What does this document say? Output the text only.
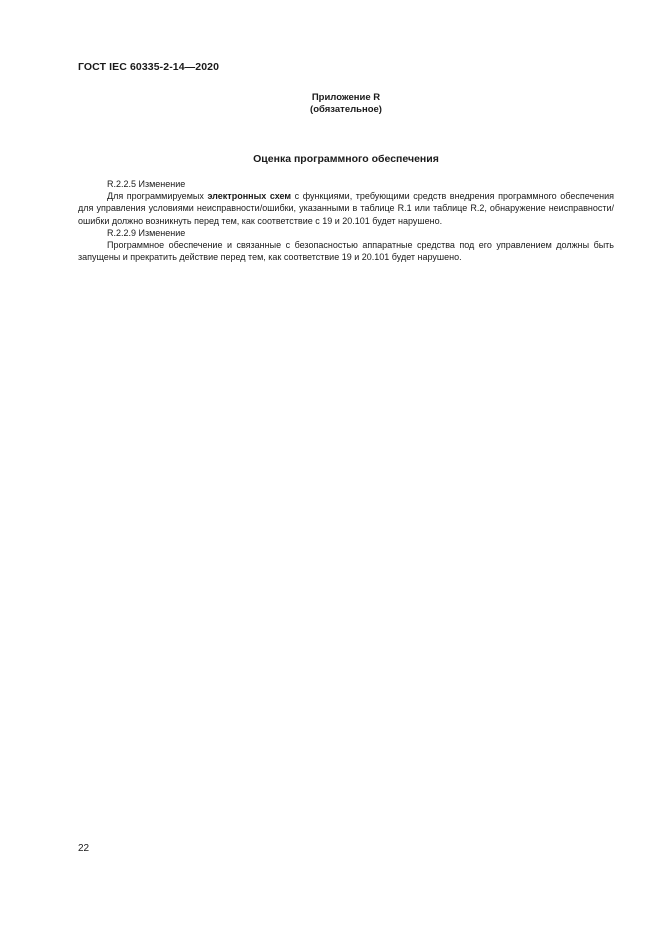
ГОСТ IEC 60335-2-14—2020
Приложение R
(обязательное)
Оценка программного обеспечения

R.2.2.5 Изменение

Для программируемых электронных схем с функциями, требующими средств внедрения программного обеспечения для управления условиями неисправности/ошибки, указанными в таблице R.1 или таблице R.2, обнаружение неисправности/ошибки должно возникнуть перед тем, как соответствие с 19 и 20.101 будет нарушено.

R.2.2.9 Изменение

Программное обеспечение и связанные с безопасностью аппаратные средства под его управлением должны быть запущены и прекратить действие перед тем, как соответствие 19 и 20.101 будет нарушено.

22
